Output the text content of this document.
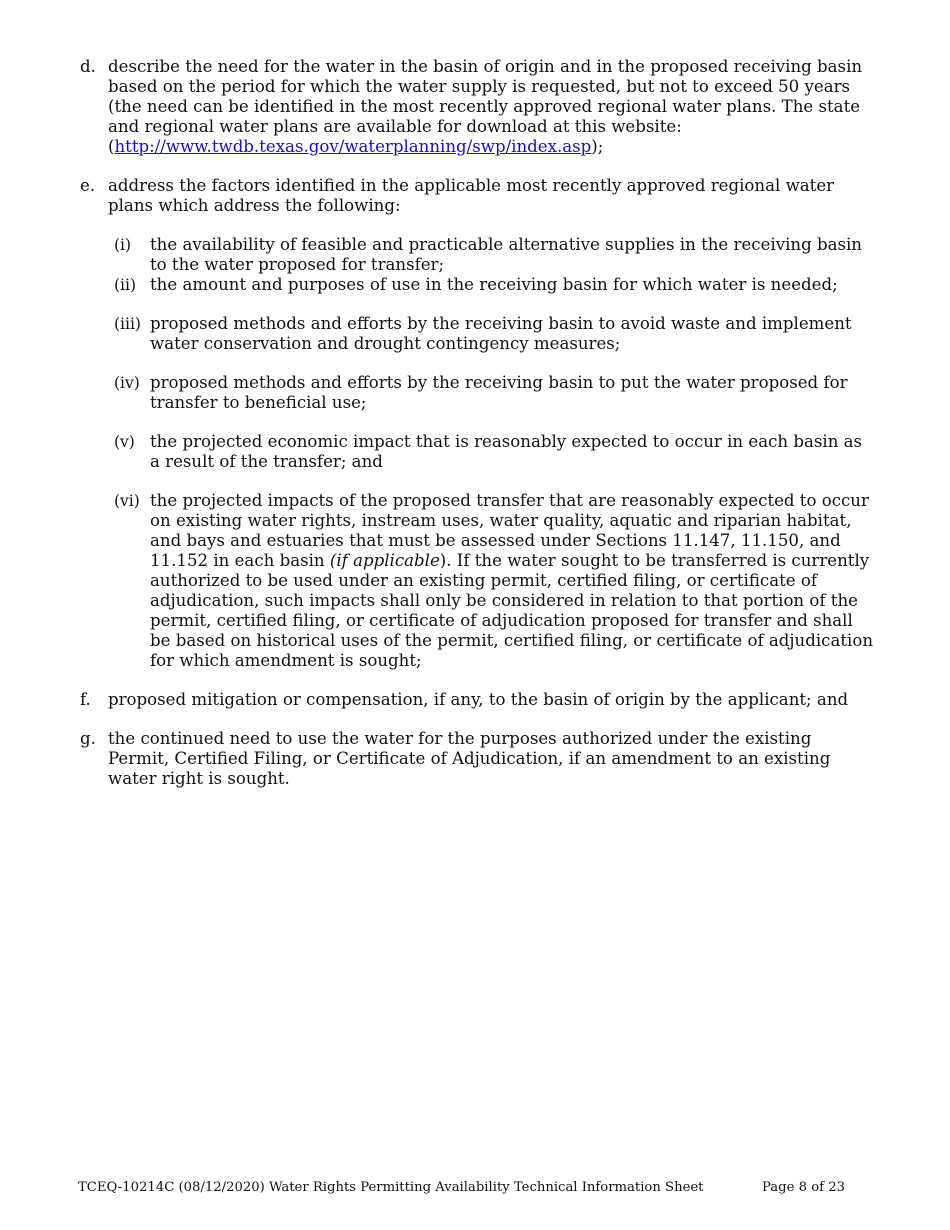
d. describe the need for the water in the basin of origin and in the proposed receiving basin based on the period for which the water supply is requested, but not to exceed 50 years (the need can be identified in the most recently approved regional water plans. The state and regional water plans are available for download at this website: (http://www.twdb.texas.gov/waterplanning/swp/index.asp);
e. address the factors identified in the applicable most recently approved regional water plans which address the following:
(i)	the availability of feasible and practicable alternative supplies in the receiving basin to the water proposed for transfer;
(ii) the amount and purposes of use in the receiving basin for which water is needed;
(iii) proposed methods and efforts by the receiving basin to avoid waste and implement water conservation and drought contingency measures;
(iv) proposed methods and efforts by the receiving basin to put the water proposed for transfer to beneficial use;
(v) the projected economic impact that is reasonably expected to occur in each basin as a result of the transfer; and
(vi) the projected impacts of the proposed transfer that are reasonably expected to occur on existing water rights, instream uses, water quality, aquatic and riparian habitat, and bays and estuaries that must be assessed under Sections 11.147, 11.150, and 11.152 in each basin (if applicable). If the water sought to be transferred is currently authorized to be used under an existing permit, certified filing, or certificate of adjudication, such impacts shall only be considered in relation to that portion of the permit, certified filing, or certificate of adjudication proposed for transfer and shall be based on historical uses of the permit, certified filing, or certificate of adjudication for which amendment is sought;
f.	proposed mitigation or compensation, if any, to the basin of origin by the applicant; and
g. the continued need to use the water for the purposes authorized under the existing Permit, Certified Filing, or Certificate of Adjudication, if an amendment to an existing water right is sought.
TCEQ-10214C (08/12/2020) Water Rights Permitting Availability Technical Information Sheet	Page 8 of 23
